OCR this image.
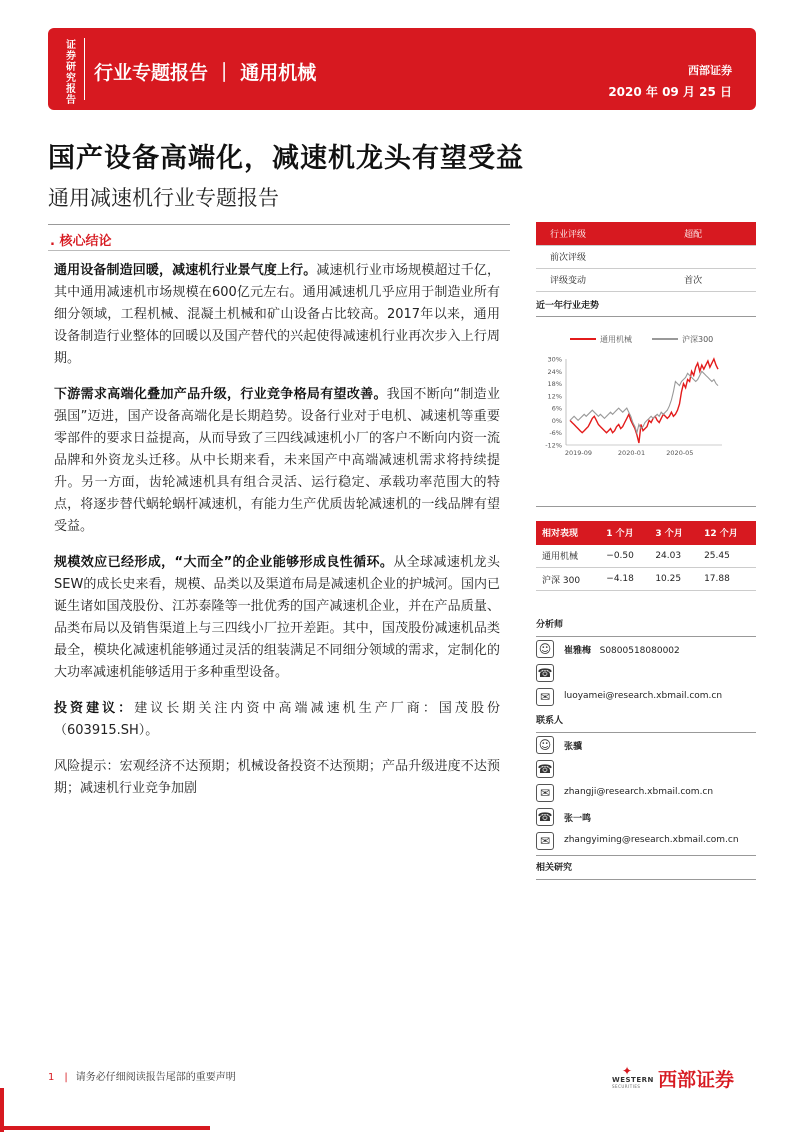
证券研究报告
行业专题报告 ｜ 通用机械	西部证券
2020 年 09 月 25 日
国产设备高端化，减速机龙头有望受益
通用减速机行业专题报告
. 核心结论

通用设备制造回暖，减速机行业景气度上行。减速机行业市场规模超过千亿，其中通用减速机市场规模在600亿元左右。通用减速机几乎应用于制造业所有细分领域，工程机械、混凝土机械和矿山设备占比较高。2017年以来，通用设备制造行业整体的回暖以及国产替代的兴起使得减速机行业再次步入上行周期。

下游需求高端化叠加产品升级，行业竞争格局有望改善。我国不断向“制造业强国”迈进，国产设备高端化是长期趋势。设备行业对于电机、减速机等重要零部件的要求日益提高，从而导致了三四线减速机小厂的客户不断向内资一流品牌和外资龙头迁移。从中长期来看，未来国产中高端减速机需求将持续提升。另一方面，齿轮减速机具有组合灵活、运行稳定、承载功率范围大的特点，将逐步替代蜗轮蜗杆减速机，有能力生产优质齿轮减速机的一线品牌有望受益。

规模效应已经形成，“大而全”的企业能够形成良性循环。从全球减速机龙头SEW的成长史来看，规模、品类以及渠道布局是减速机企业的护城河。国内已诞生诸如国茂股份、江苏泰隆等一批优秀的国产减速机企业，并在产品质量、品类布局以及销售渠道上与三四线小厂拉开差距。其中，国茂股份减速机品类最全，模块化减速机能够通过灵活的组装满足不同细分领域的需求，定制化的大功率减速机能够适用于多种重型设备。

投资建议：建议长期关注内资中高端减速机生产厂商：国茂股份（603915.SH）。

风险提示：宏观经济不达预期；机械设备投资不达预期；产品升级进度不达预期；减速机行业竞争加剧

行业评级	超配
前次评级	
评级变动	首次
近一年行业走势
通用机械	沪深300
30%
24%
18%
12%
6%
0%
-6%
-12%
2019-09	2020-01	2020-05
相对表现	1 个月	3 个月	12 个月
通用机械	−0.50	24.03	25.45
沪深 300	−4.18	10.25	17.88
分析师
☺	崔雅梅 S0800518080002
☎
✉	luoyamei@research.xbmail.com.cn
联系人
☺	张骥
☎
✉	zhangji@research.xbmail.com.cn
☎ 张一鸣
✉	zhangyiming@research.xbmail.com.cn
相关研究
1 | 请务必仔细阅读报告尾部的重要声明	✦
WESTERN
SECURITIES 西部证券
